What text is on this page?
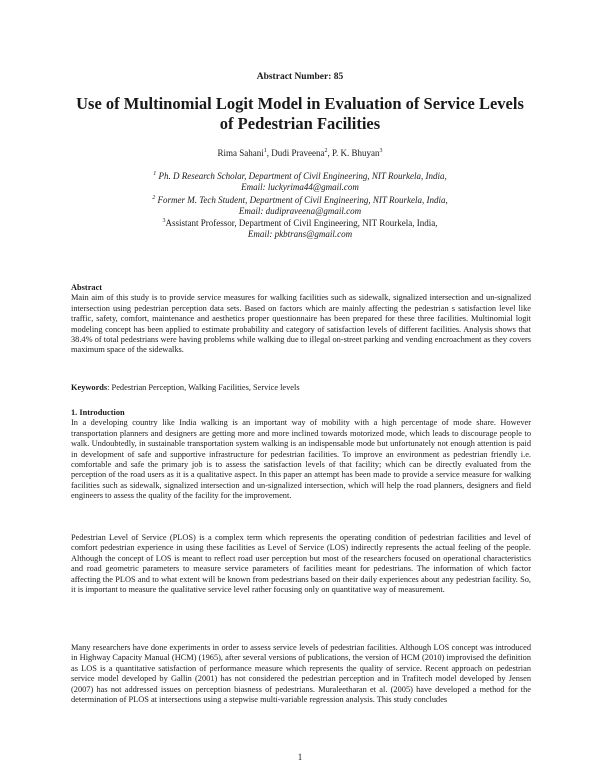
Abstract Number: 85
Use of Multinomial Logit Model in Evaluation of Service Levels
of Pedestrian Facilities
Rima Sahani$^1$, Dudi Praveena$^2$, P. K. Bhuyan$^3$
$^1$ Ph. D Research Scholar, Department of Civil Engineering, NIT Rourkela, India,
Email: luckyrima44@gmail.com
$^2$ Former M. Tech Student, Department of Civil Engineering, NIT Rourkela, India,
Email: dudipraveena@gmail.com
$^3$Assistant Professor, Department of Civil Engineering, NIT Rourkela, India,
Email: pkbtrans@gmail.com
Abstract

Main aim of this study is to provide service measures for walking facilities such as sidewalk, signalized intersection and un-signalized intersection using pedestrian perception data sets. Based on factors which are mainly affecting the pedestrian s satisfaction level like traffic, safety, comfort, maintenance and aesthetics proper questionnaire has been prepared for these three facilities. Multinomial logit modeling concept has been applied to estimate probability and category of satisfaction levels of different facilities. Analysis shows that 38.4% of total pedestrians were having problems while walking due to illegal on-street parking and vending encroachment as they covers maximum space of the sidewalks.

Keywords: Pedestrian Perception, Walking Facilities, Service levels
1. Introduction

In a developing country like India walking is an important way of mobility with a high percentage of mode share. However transportation planners and designers are getting more and more inclined towards motorized mode, which leads to discourage people to walk. Undoubtedly, in sustainable transportation system walking is an indispensable mode but unfortunately not enough attention is paid in development of safe and supportive infrastructure for pedestrian facilities. To improve an environment as pedestrian friendly i.e. comfortable and safe the primary job is to assess the satisfaction levels of that facility; which can be directly evaluated from the perception of the road users as it is a qualitative aspect. In this paper an attempt has been made to provide a service measure for walking facilities such as sidewalk, signalized intersection and un-signalized intersection, which will help the road planners, designers and field engineers to assess the quality of the facility for the improvement.

Pedestrian Level of Service (PLOS) is a complex term which represents the operating condition of pedestrian facilities and level of comfort pedestrian experience in using these facilities as Level of Service (LOS) indirectly represents the actual feeling of the people. Although the concept of LOS is meant to reflect road user perception but most of the researchers focused on operational characteristics and road geometric parameters to measure service parameters of facilities meant for pedestrians. The information of which factor affecting the PLOS and to what extent will be known from pedestrians based on their daily experiences about any pedestrian facility. So, it is important to measure the qualitative service level rather focusing only on quantitative way of measurement.

Many researchers have done experiments in order to assess service levels of pedestrian facilities. Although LOS concept was introduced in Highway Capacity Manual (HCM) (1965), after several versions of publications, the version of HCM (2010) improvised the definition as LOS is a quantitative satisfaction of performance measure which represents the quality of service. Recent approach on pedestrian service model developed by Gallin (2001) has not considered the pedestrian perception and in Trafitech model developed by Jensen (2007) has not addressed issues on perception biasness of pedestrians. Muraleetharan et al. (2005) have developed a method for the determination of PLOS at intersections using a stepwise multi-variable regression analysis. This study concludes

1
